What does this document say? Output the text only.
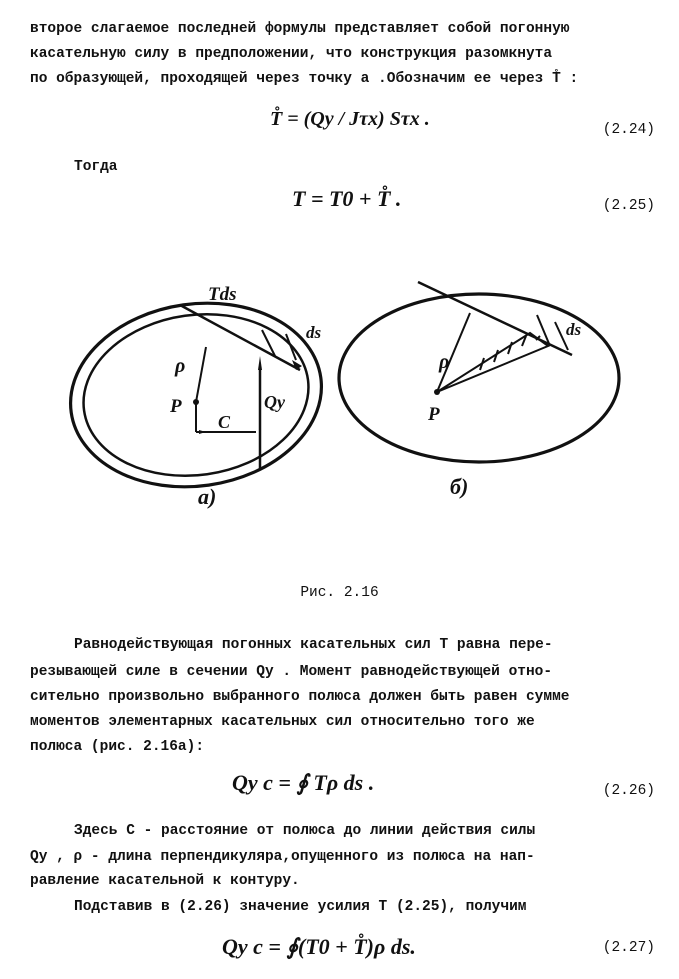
второе слагаемое последней формулы представляет собой погонную
касательную силу в предположении, что конструкция разомкнута
по образующей, проходящей через точку a .Обозначим ее через T̊ :
T̊ = (Qy / Jτx) Sτx .	(2.24)
Тогда
T = T0 + T̊ .	(2.25)
Tds
ds
ρ
P
C
Qy
а)
ds
ρ
P
б)
Рис. 2.16
Равнодействующая погонных касательных сил T равна пере-
резывающей силе в сечении Qy . Момент равнодействующей отно-
сительно произвольно выбранного полюса должен быть равен сумме
моментов элементарных касательных сил относительно того же
полюса (рис. 2.16а):
Qy c = ∮ Tρ ds .	(2.26)
Здесь C - расстояние от полюса до линии действия силы
Qy , ρ - длина перпендикуляра,опущенного из полюса на нап-
равление касательной к контуру.
Подставив в (2.26) значение усилия T (2.25), получим
Qy c = ∮(T0 + T̊)ρ ds.	(2.27)
